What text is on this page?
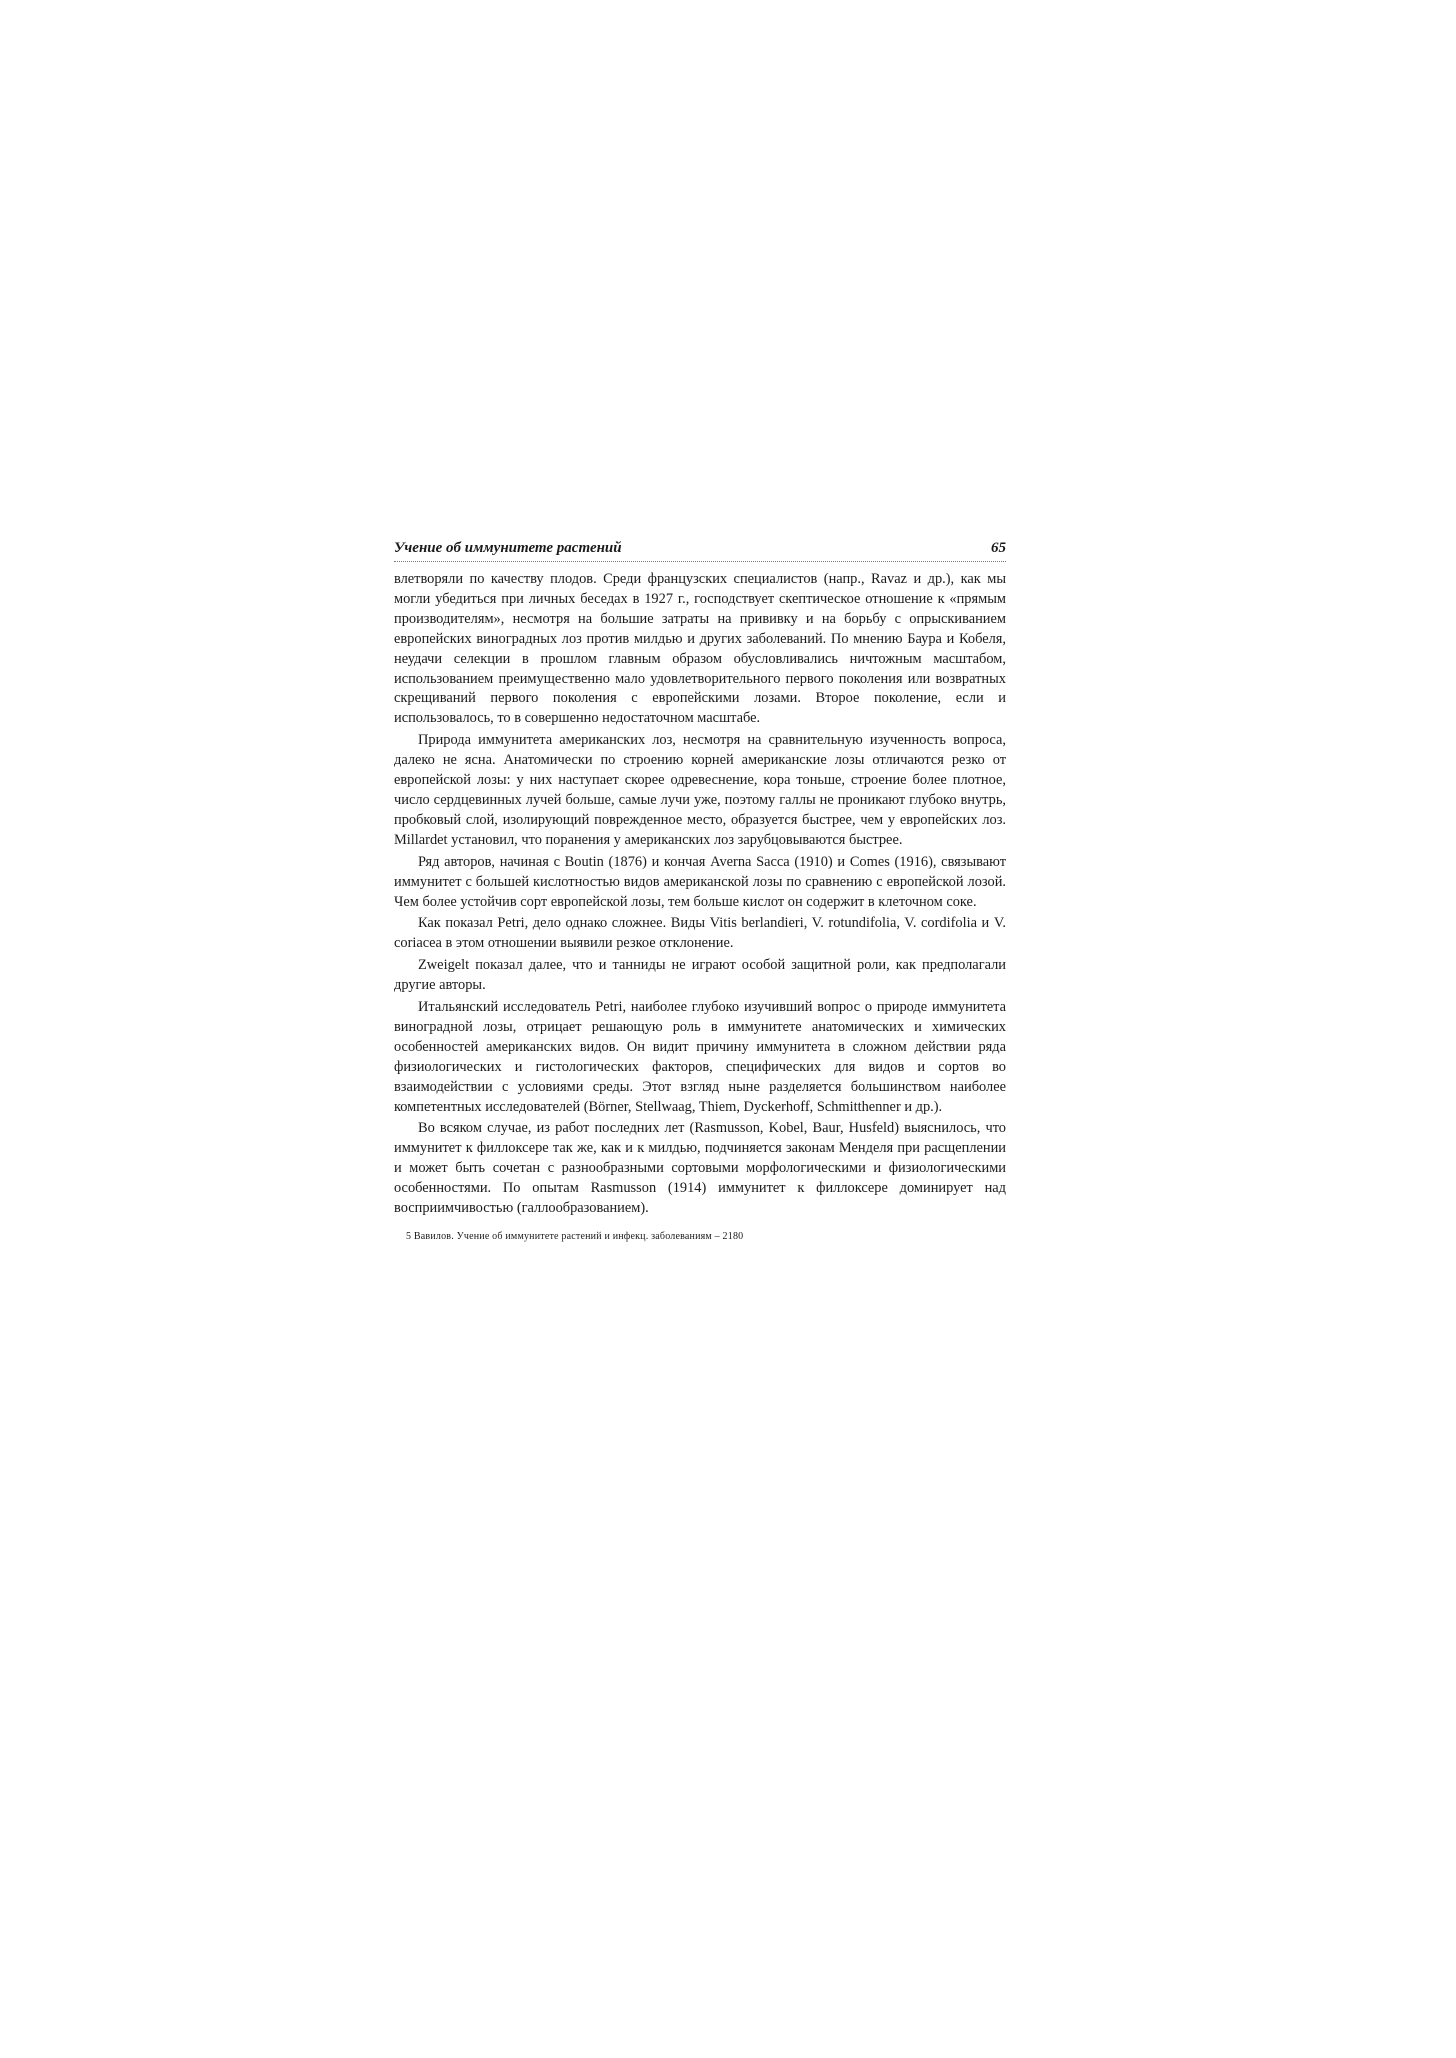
Учение об иммунитете растений	65

влетворяли по качеству плодов. Среди французских специалистов (напр., Ravaz и др.), как мы могли убедиться при личных беседах в 1927 г., господствует скептическое отношение к «прямым производителям», несмотря на большие затраты на прививку и на борьбу с опрыскиванием европейских виноградных лоз против милдью и других заболеваний. По мнению Баура и Кобеля, неудачи селекции в прошлом главным образом обусловливались ничтожным масштабом, использованием преимущественно мало удовлетворительного первого поколения или возвратных скрещиваний первого поколения с европейскими лозами. Второе поколение, если и использовалось, то в совершенно недостаточном масштабе.

Природа иммунитета американских лоз, несмотря на сравнительную изученность вопроса, далеко не ясна. Анатомически по строению корней американские лозы отличаются резко от европейской лозы: у них наступает скорее одревеснение, кора тоньше, строение более плотное, число сердцевинных лучей больше, самые лучи уже, поэтому галлы не проникают глубоко внутрь, пробковый слой, изолирующий поврежденное место, образуется быстрее, чем у европейских лоз. Millardet установил, что поранения у американских лоз зарубцовываются быстрее.

Ряд авторов, начиная с Boutin (1876) и кончая Averna Sacca (1910) и Comes (1916), связывают иммунитет с большей кислотностью видов американской лозы по сравнению с европейской лозой. Чем более устойчив сорт европейской лозы, тем больше кислот он содержит в клеточном соке.

Как показал Petri, дело однако сложнее. Виды Vitis berlandieri, V. rotundifolia, V. cordifolia и V. coriacea в этом отношении выявили резкое отклонение.

Zweigelt показал далее, что и танниды не играют особой защитной роли, как предполагали другие авторы.

Итальянский исследователь Petri, наиболее глубоко изучивший вопрос о природе иммунитета виноградной лозы, отрицает решающую роль в иммунитете анатомических и химических особенностей американских видов. Он видит причину иммунитета в сложном действии ряда физиологических и гистологических факторов, специфических для видов и сортов во взаимодействии с условиями среды. Этот взгляд ныне разделяется большинством наиболее компетентных исследователей (Börner, Stellwaag, Thiem, Dyckerhoff, Schmitthenner и др.).

Во всяком случае, из работ последних лет (Rasmusson, Kobel, Baur, Husfeld) выяснилось, что иммунитет к филлоксере так же, как и к милдью, подчиняется законам Менделя при расщеплении и может быть сочетан с разнообразными сортовыми морфологическими и физиологическими особенностями. По опытам Rasmusson (1914) иммунитет к филлоксере доминирует над восприимчивостью (галлообразованием).

5 Вавилов. Учение об иммунитете растений и инфекц. заболеваниям – 2180
